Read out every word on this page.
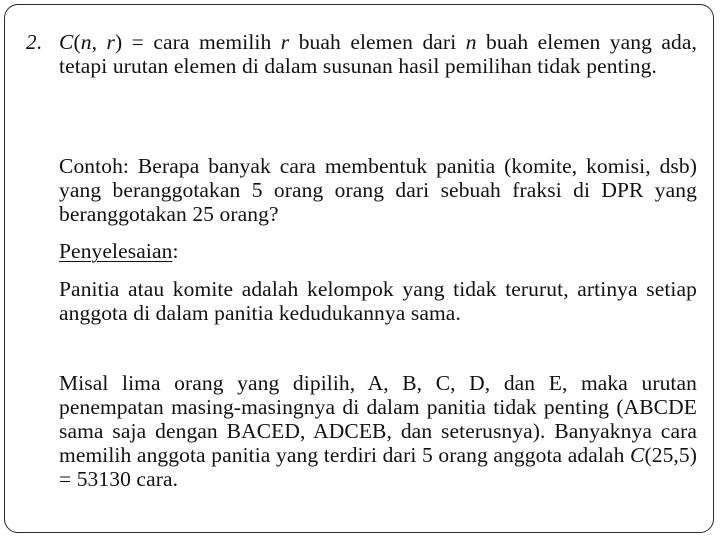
2. C(n, r) = cara memilih r buah elemen dari n buah elemen yang ada, tetapi urutan elemen di dalam susunan hasil pemilihan tidak penting.
Contoh: Berapa banyak cara membentuk panitia (komite, komisi, dsb) yang beranggotakan 5 orang orang dari sebuah fraksi di DPR yang beranggotakan 25 orang?
Penyelesaian:
Panitia atau komite adalah kelompok yang tidak terurut, artinya setiap anggota di dalam panitia kedudukannya sama.
Misal lima orang yang dipilih, A, B, C, D, dan E, maka urutan penempatan masing-masingnya di dalam panitia tidak penting (ABCDE sama saja dengan BACED, ADCEB, dan seterusnya). Banyaknya cara memilih anggota panitia yang terdiri dari 5 orang anggota adalah C(25,5) = 53130 cara.
